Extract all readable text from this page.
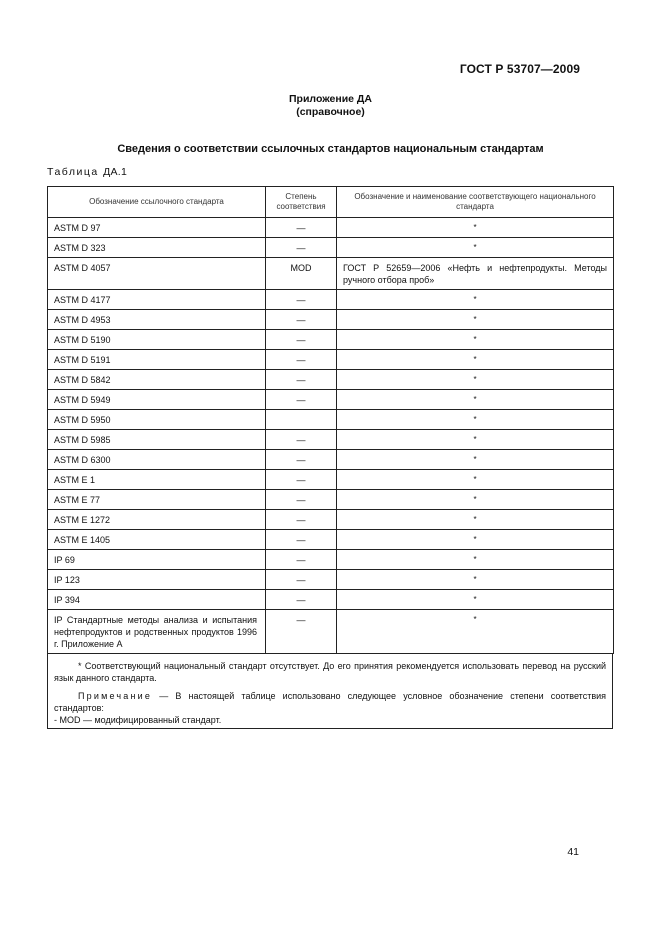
ГОСТ Р 53707—2009
Приложение ДА
(справочное)
Сведения о соответствии ссылочных стандартов национальным стандартам
Таблица ДА.1
Обозначение ссылочного стандарта	Степень соответствия	Обозначение и наименование соответствующего национального стандарта
ASTM D 97	—	*
ASTM D 323	—	*
ASTM D 4057	MOD	ГОСТ Р 52659—2006 «Нефть и нефтепродукты. Методы ручного отбора проб»
ASTM D 4177	—	*
ASTM D 4953	—	*
ASTM D 5190	—	*
ASTM D 5191	—	*
ASTM D 5842	—	*
ASTM D 5949	—	*
ASTM D 5950		*
ASTM D 5985	—	*
ASTM D 6300	—	*
ASTM E 1	—	*
ASTM E 77	—	*
ASTM E 1272	—	*
ASTM E 1405	—	*
IP 69	—	*
IP 123	—	*
IP 394	—	*
IP Стандартные методы анализа и испытания нефтепродуктов и родственных продуктов 1996 г. Приложение А	—	*
* Соответствующий национальный стандарт отсутствует. До его принятия рекомендуется использовать перевод на русский язык данного стандарта.
Примечание — В настоящей таблице использовано следующее условное обозначение степени соответствия стандартов:
- MOD — модифицированный стандарт.
41
